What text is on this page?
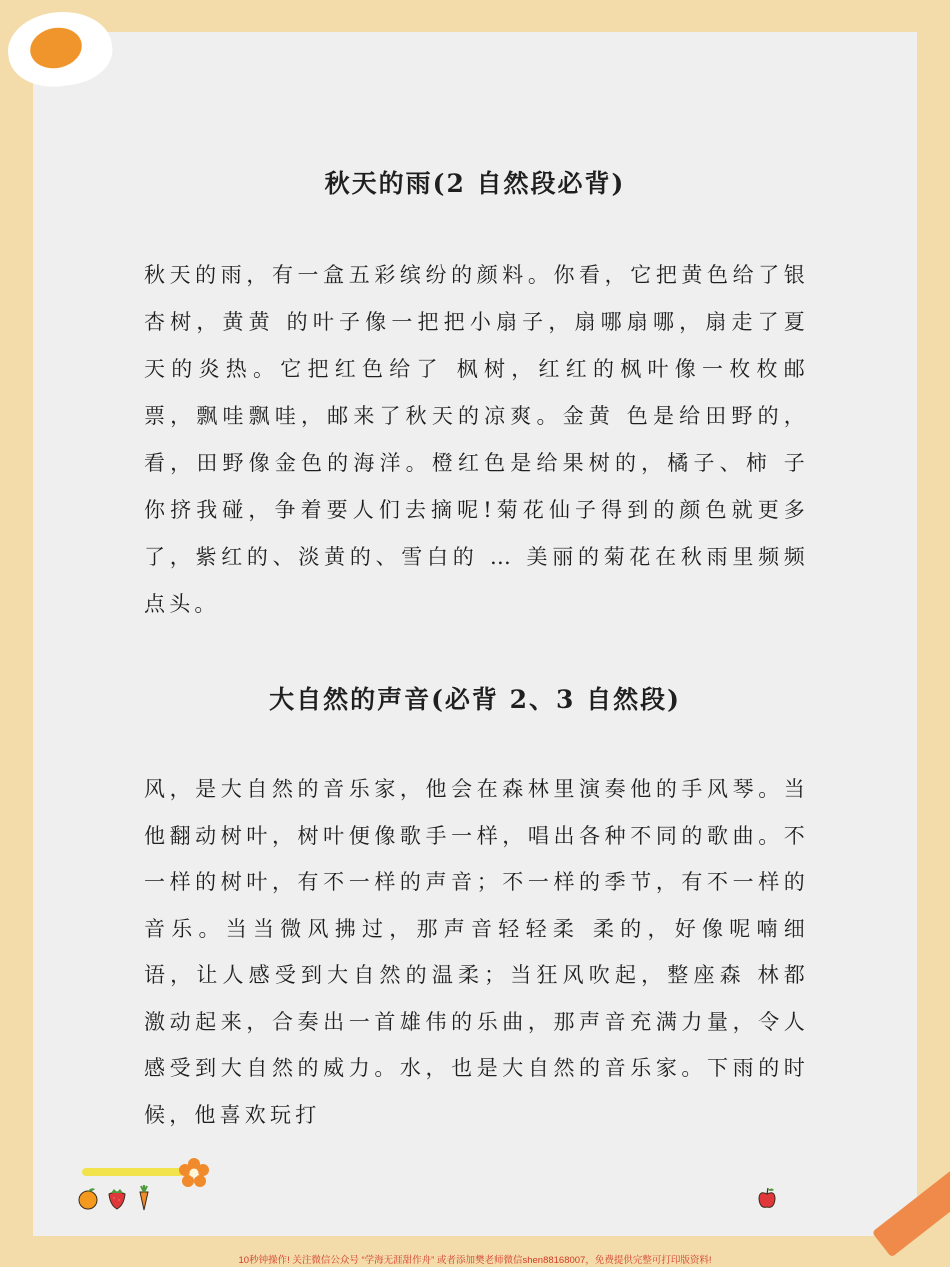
秋天的雨(2 自然段必背)

秋天的雨，有一盒五彩缤纷的颜料。你看，它把黄色给了银杏树，黄黄 的叶子像一把把小扇子，扇哪扇哪，扇走了夏天的炎热。它把红色给了 枫树，红红的枫叶像一枚枚邮票，飘哇飘哇，邮来了秋天的凉爽。金黄 色是给田野的，看，田野像金色的海洋。橙红色是给果树的，橘子、柿 子你挤我碰，争着要人们去摘呢!菊花仙子得到的颜色就更多了，紫红的、淡黄的、雪白的 … 美丽的菊花在秋雨里频频点头。

大自然的声音(必背 2、3 自然段)

风，是大自然的音乐家，他会在森林里演奏他的手风琴。当他翻动树叶，树叶便像歌手一样，唱出各种不同的歌曲。不一样的树叶，有不一样的声音；不一样的季节，有不一样的音乐。当当微风拂过，那声音轻轻柔 柔的，好像呢喃细语，让人感受到大自然的温柔；当狂风吹起，整座森 林都激动起来，合奏出一首雄伟的乐曲，那声音充满力量，令人感受到大自然的威力。水，也是大自然的音乐家。下雨的时候，他喜欢玩打

10秒钟操作! 关注微信公众号 “学海无涯甜作舟” 或者添加樊老师微信shen88168007，免费提供完整可打印版资料!
